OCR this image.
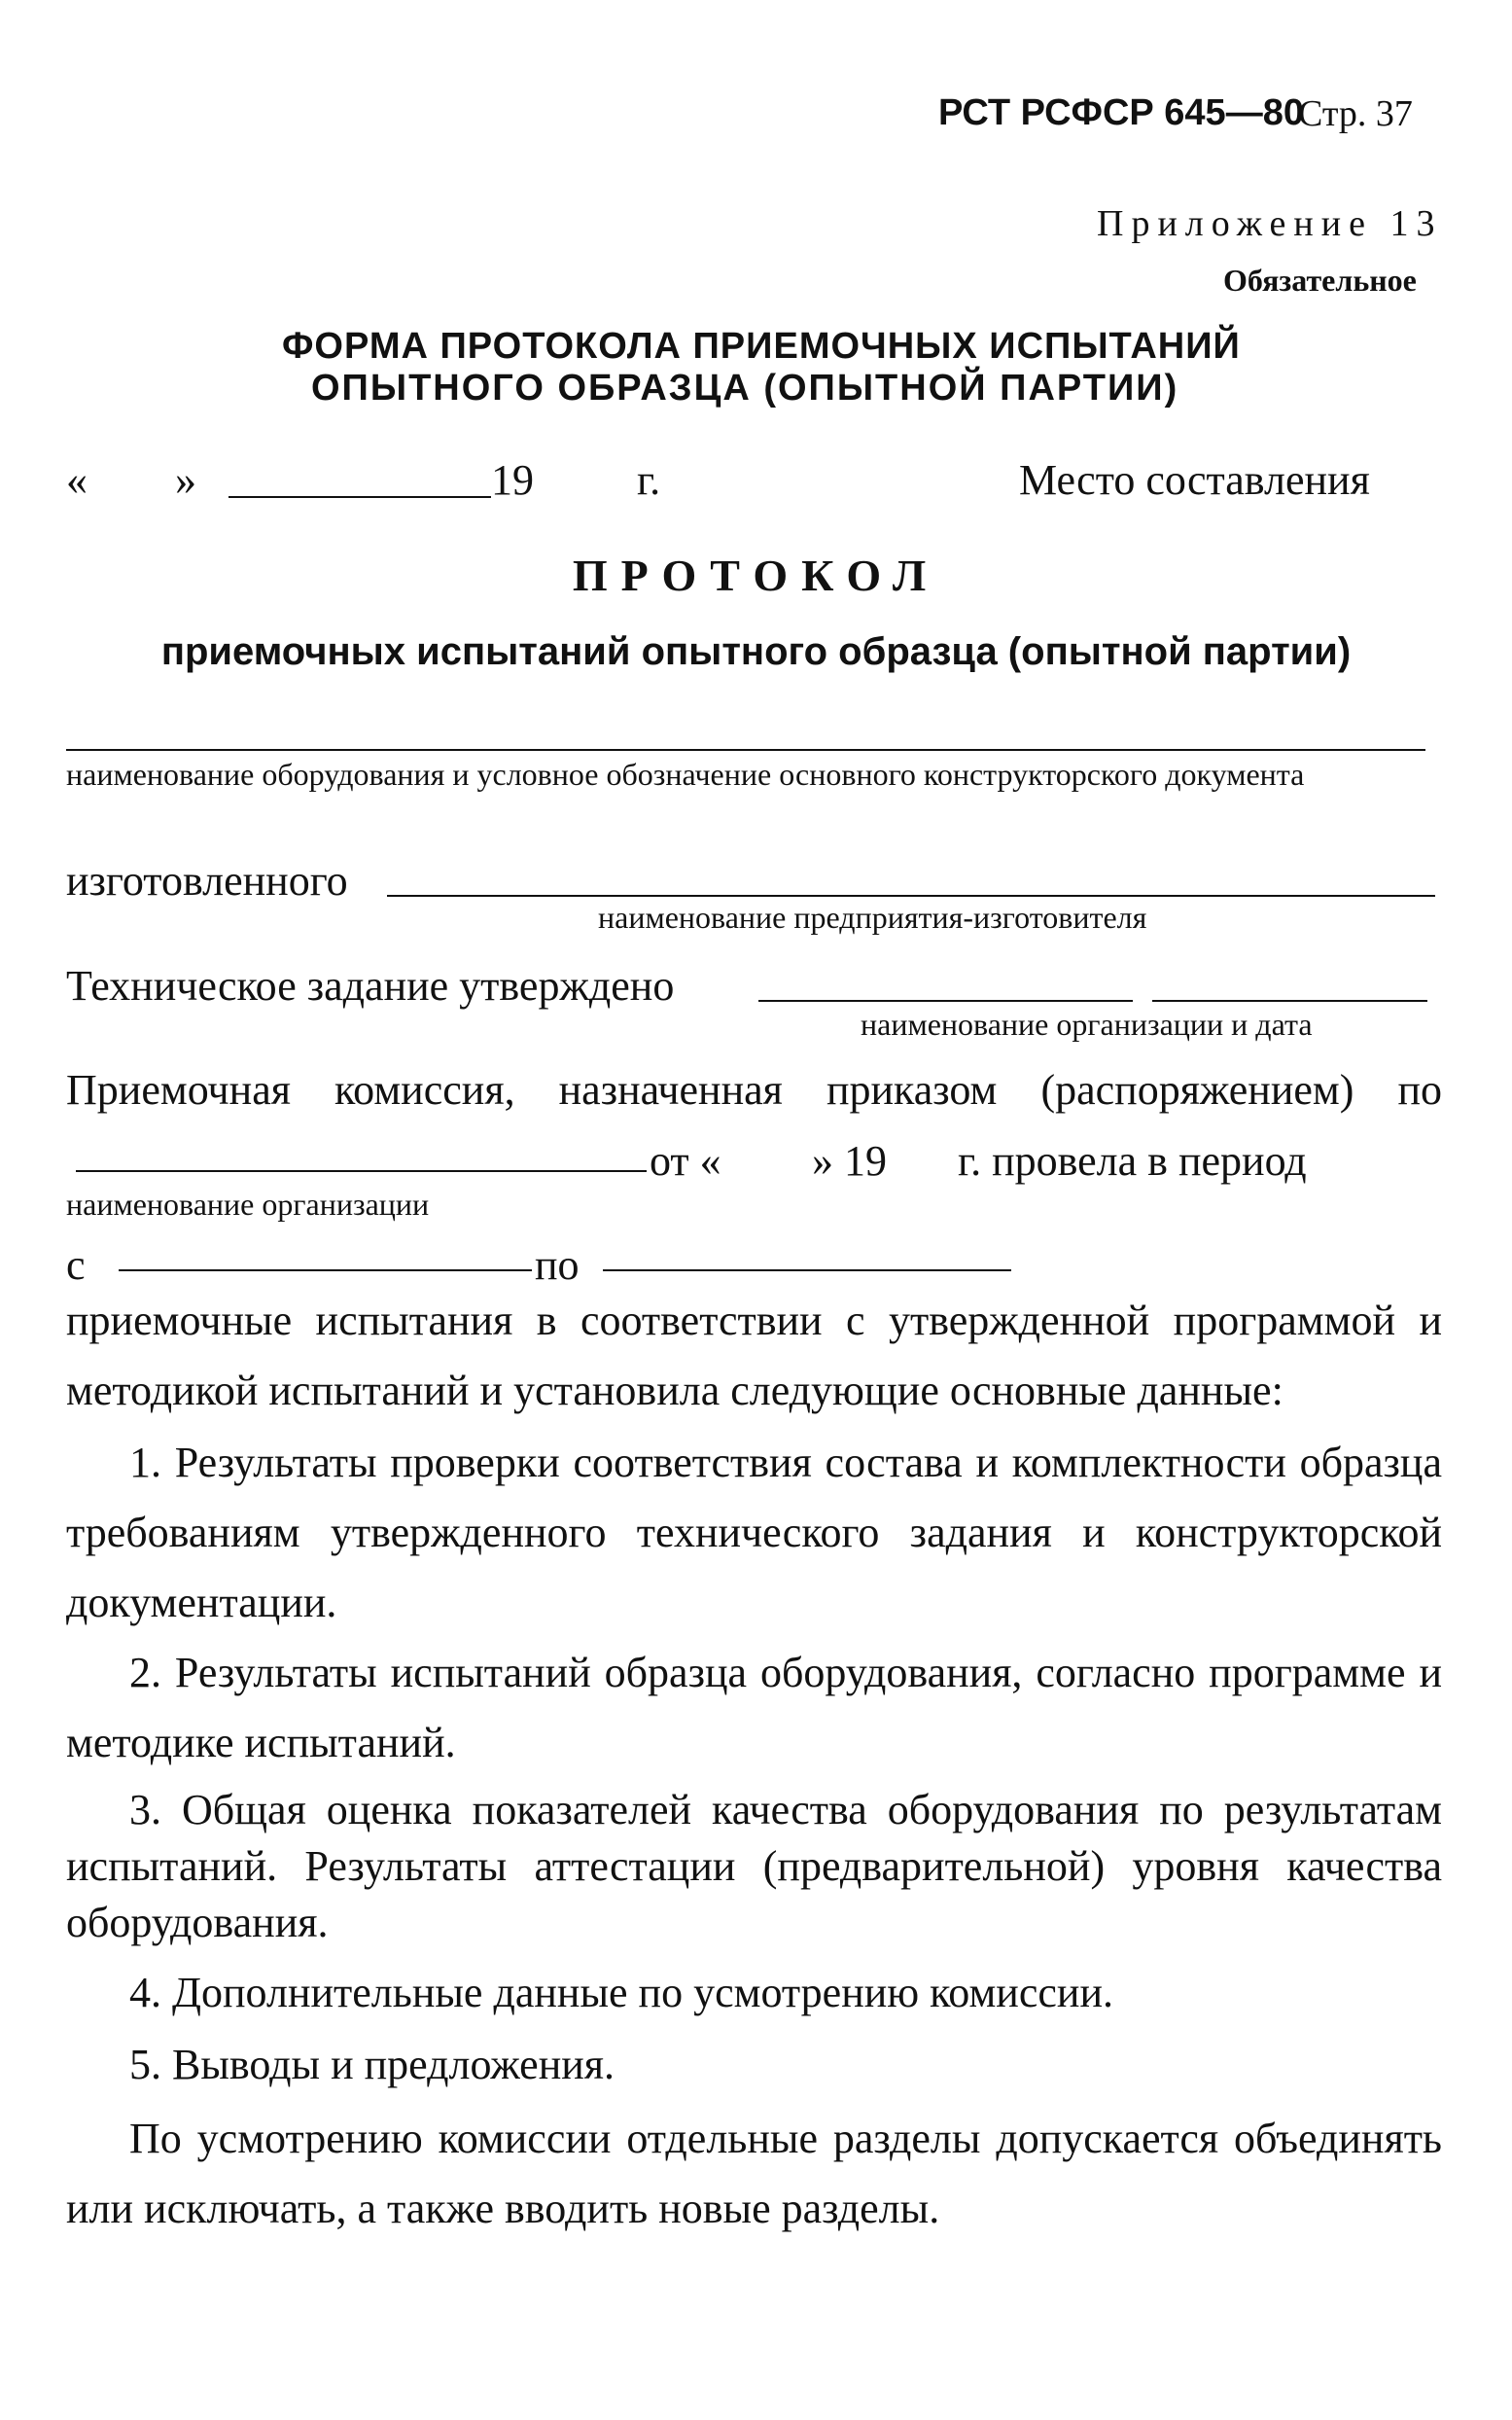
РСТ РСФСР 645—80
Стр. 37
Приложение 13
Обязательное
ФОРМА ПРОТОКОЛА ПРИЕМОЧНЫХ ИСПЫТАНИЙ
ОПЫТНОГО ОБРАЗЦА (ОПЫТНОЙ ПАРТИИ)
« »	19 г.	Место составления
ПРОТОКОЛ
приемочных испытаний опытного образца (опытной партии)
наименование оборудования и условное обозначение основного конструкторского документа
изготовленного
наименование предприятия-изготовителя
Техническое задание утверждено
наименование организации и дата
Приемочная комиссия, назначенная приказом (распоряжением) по
от « » 19 г. провела в период
наименование организации
с	по
приемочные испытания в соответствии с утвержденной программой и методикой испытаний и установила следующие основные данные:
1. Результаты проверки соответствия состава и комплектности образца требованиям утвержденного технического задания и конструкторской документации.
2. Результаты испытаний образца оборудования, согласно программе и методике испытаний.
3. Общая оценка показателей качества оборудования по результатам испытаний. Результаты аттестации (предварительной) уровня качества оборудования.
4. Дополнительные данные по усмотрению комиссии.
5. Выводы и предложения.
По усмотрению комиссии отдельные разделы допускается объединять или исключать, а также вводить новые разделы.
